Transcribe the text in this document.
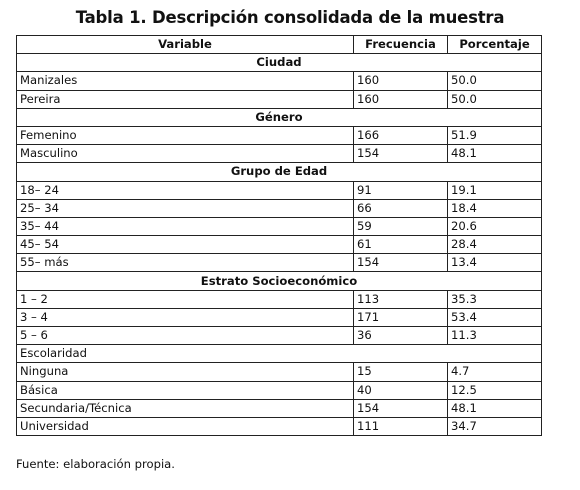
Tabla 1. Descripción consolidada de la muestra
Variable	Frecuencia	Porcentaje
Ciudad		
Manizales	160	50.0
Pereira	160	50.0
Género		
Femenino	166	51.9
Masculino	154	48.1
Grupo de Edad		
18– 24	91	19.1
25– 34	66	18.4
35– 44	59	20.6
45– 54	61	28.4
55– más	154	13.4
Estrato Socioeconómico		
1 – 2	113	35.3
3 – 4	171	53.4
5 – 6	36	11.3
Escolaridad		
Ninguna	15	4.7
Básica	40	12.5
Secundaria/Técnica	154	48.1
Universidad	111	34.7
Fuente: elaboración propia.
